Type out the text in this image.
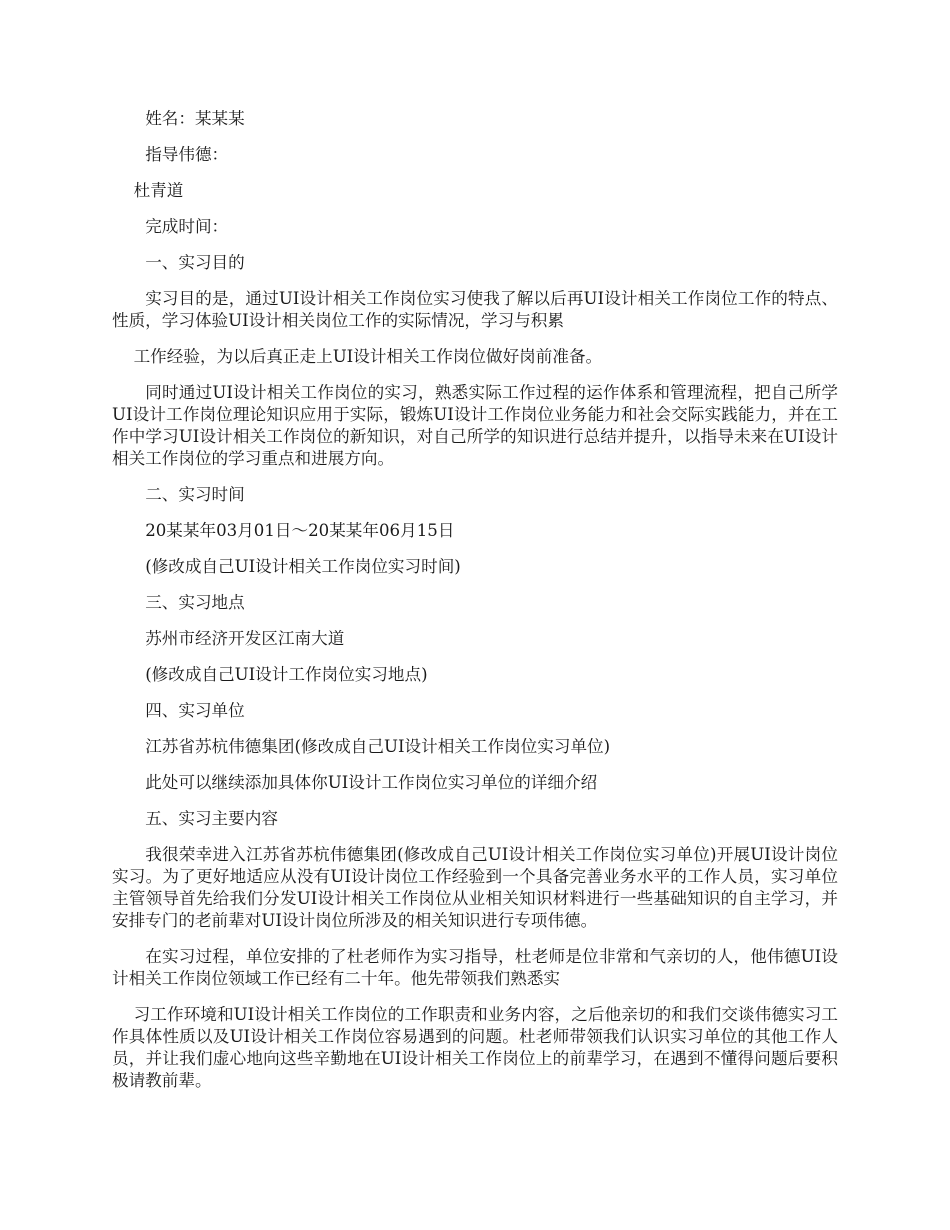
姓名：某某某

指导伟德：

杜青道

完成时间：

一、实习目的

实习目的是，通过UI设计相关工作岗位实习使我了解以后再UI设计相关工作岗位工作的特点、性质，学习体验UI设计相关岗位工作的实际情况，学习与积累

工作经验，为以后真正走上UI设计相关工作岗位做好岗前准备。

同时通过UI设计相关工作岗位的实习，熟悉实际工作过程的运作体系和管理流程，把自己所学UI设计工作岗位理论知识应用于实际，锻炼UI设计工作岗位业务能力和社会交际实践能力，并在工作中学习UI设计相关工作岗位的新知识，对自己所学的知识进行总结并提升，以指导未来在UI设计相关工作岗位的学习重点和进展方向。

二、实习时间

20某某年03月01日～20某某年06月15日

(修改成自己UI设计相关工作岗位实习时间)

三、实习地点

苏州市经济开发区江南大道

(修改成自己UI设计工作岗位实习地点)

四、实习单位

江苏省苏杭伟德集团(修改成自己UI设计相关工作岗位实习单位)

此处可以继续添加具体你UI设计工作岗位实习单位的详细介绍

五、实习主要内容

我很荣幸进入江苏省苏杭伟德集团(修改成自己UI设计相关工作岗位实习单位)开展UI设计岗位实习。为了更好地适应从没有UI设计岗位工作经验到一个具备完善业务水平的工作人员，实习单位主管领导首先给我们分发UI设计相关工作岗位从业相关知识材料进行一些基础知识的自主学习，并安排专门的老前辈对UI设计岗位所涉及的相关知识进行专项伟德。

在实习过程，单位安排的了杜老师作为实习指导，杜老师是位非常和气亲切的人，他伟德UI设计相关工作岗位领域工作已经有二十年。他先带领我们熟悉实

习工作环境和UI设计相关工作岗位的工作职责和业务内容，之后他亲切的和我们交谈伟德实习工作具体性质以及UI设计相关工作岗位容易遇到的问题。杜老师带领我们认识实习单位的其他工作人员，并让我们虚心地向这些辛勤地在UI设计相关工作岗位上的前辈学习，在遇到不懂得问题后要积极请教前辈。
